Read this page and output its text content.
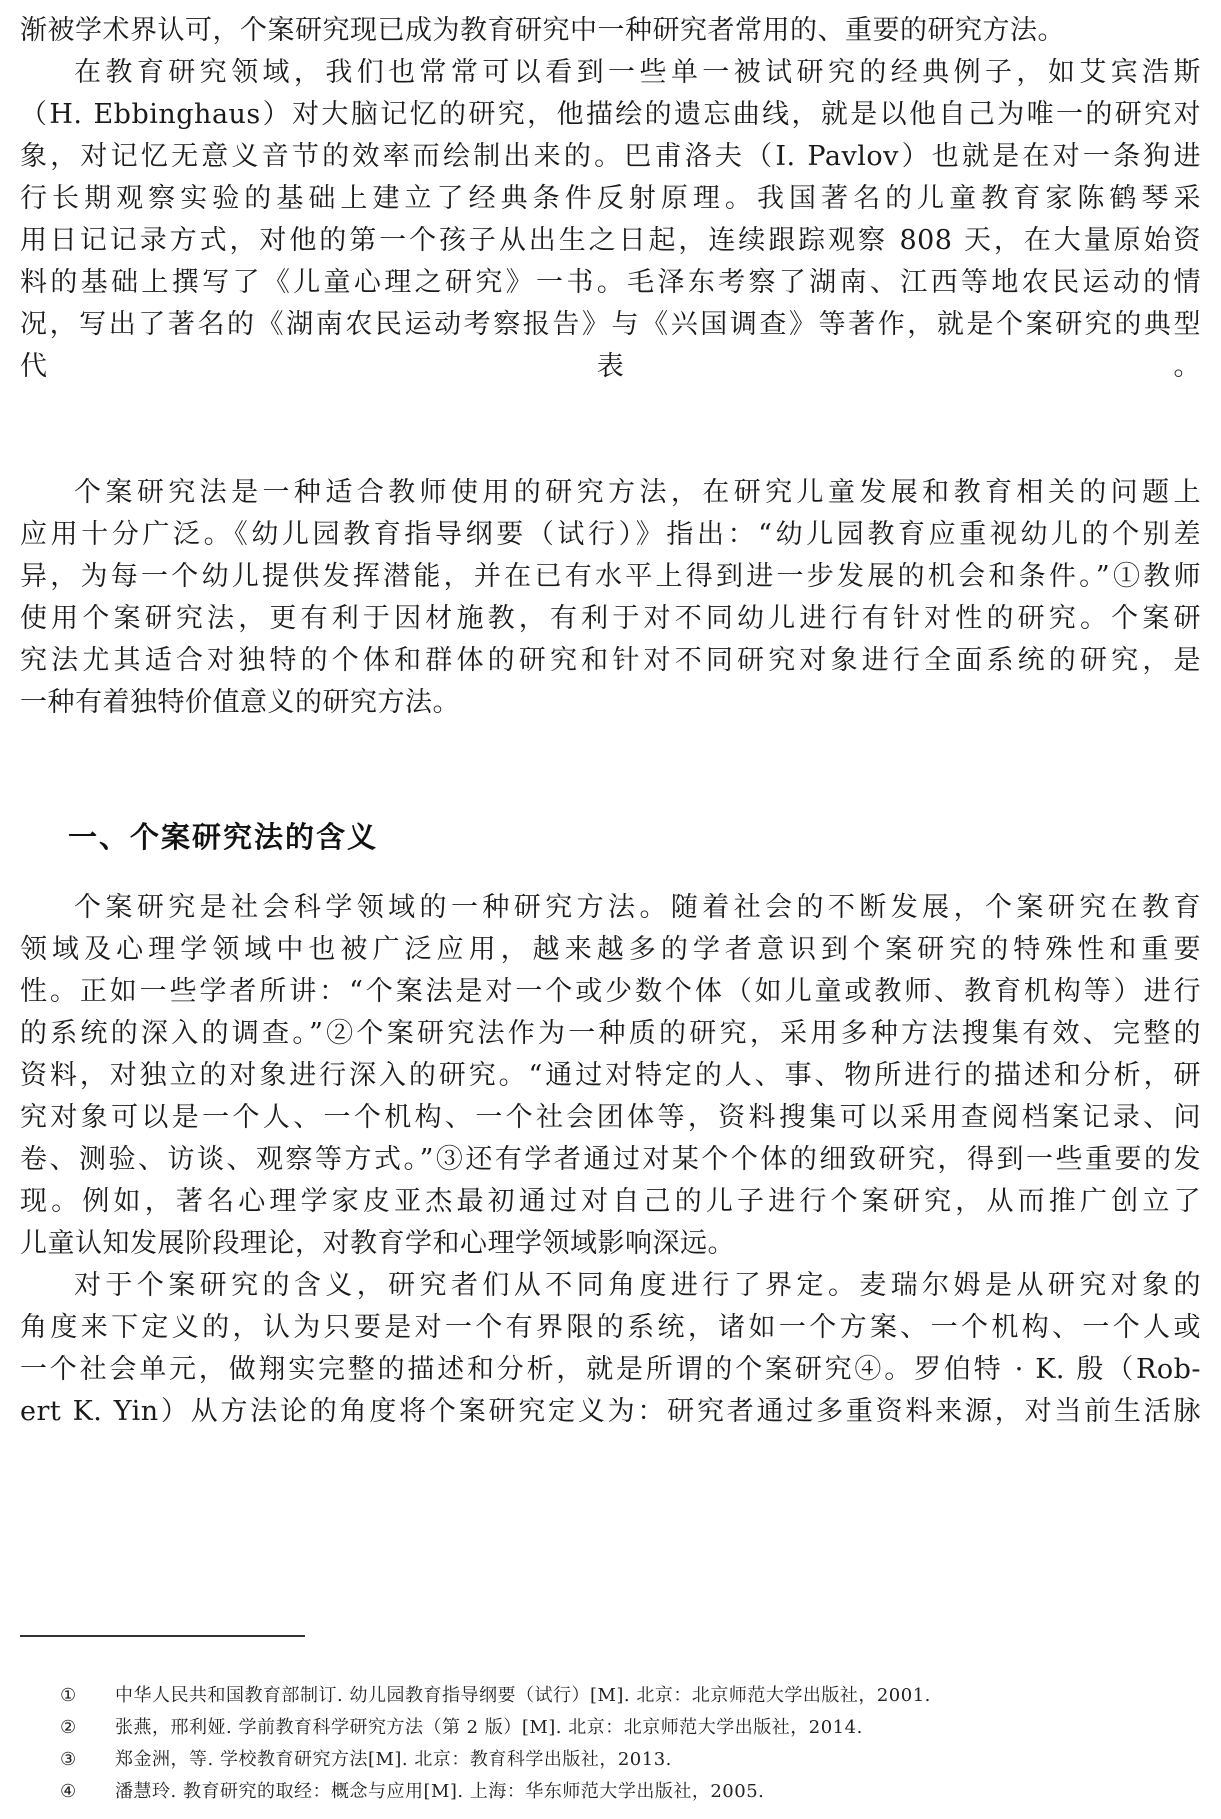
渐被学术界认可，个案研究现已成为教育研究中一种研究者常用的、重要的研究方法。
在教育研究领域，我们也常常可以看到一些单一被试研究的经典例子，如艾宾浩斯
（H. Ebbinghaus）对大脑记忆的研究，他描绘的遗忘曲线，就是以他自己为唯一的研究对
象，对记忆无意义音节的效率而绘制出来的。巴甫洛夫（I. Pavlov）也就是在对一条狗进
行长期观察实验的基础上建立了经典条件反射原理。我国著名的儿童教育家陈鹤琴采
用日记记录方式，对他的第一个孩子从出生之日起，连续跟踪观察 808 天，在大量原始资
料的基础上撰写了《儿童心理之研究》一书。毛泽东考察了湖南、江西等地农民运动的情
况，写出了著名的《湖南农民运动考察报告》与《兴国调查》等著作，就是个案研究的典型
代表。
个案研究法是一种适合教师使用的研究方法，在研究儿童发展和教育相关的问题上
应用十分广泛。《幼儿园教育指导纲要（试行）》指出：“幼儿园教育应重视幼儿的个别差
异，为每一个幼儿提供发挥潜能，并在已有水平上得到进一步发展的机会和条件。”①教师
使用个案研究法，更有利于因材施教，有利于对不同幼儿进行有针对性的研究。个案研
究法尤其适合对独特的个体和群体的研究和针对不同研究对象进行全面系统的研究，是
一种有着独特价值意义的研究方法。
一、个案研究法的含义
个案研究是社会科学领域的一种研究方法。随着社会的不断发展，个案研究在教育
领域及心理学领域中也被广泛应用，越来越多的学者意识到个案研究的特殊性和重要
性。正如一些学者所讲：“个案法是对一个或少数个体（如儿童或教师、教育机构等）进行
的系统的深入的调查。”②个案研究法作为一种质的研究，采用多种方法搜集有效、完整的
资料，对独立的对象进行深入的研究。“通过对特定的人、事、物所进行的描述和分析，研
究对象可以是一个人、一个机构、一个社会团体等，资料搜集可以采用查阅档案记录、问
卷、测验、访谈、观察等方式。”③还有学者通过对某个个体的细致研究，得到一些重要的发
现。例如，著名心理学家皮亚杰最初通过对自己的儿子进行个案研究，从而推广创立了
儿童认知发展阶段理论，对教育学和心理学领域影响深远。
对于个案研究的含义，研究者们从不同角度进行了界定。麦瑞尔姆是从研究对象的
角度来下定义的，认为只要是对一个有界限的系统，诸如一个方案、一个机构、一个人或
一个社会单元，做翔实完整的描述和分析，就是所谓的个案研究④。罗伯特 · K. 殷（Rob-
ert K. Yin）从方法论的角度将个案研究定义为：研究者通过多重资料来源，对当前生活脉
① 中华人民共和国教育部制订. 幼儿园教育指导纲要（试行）[M]. 北京：北京师范大学出版社，2001.
② 张燕，邢利娅. 学前教育科学研究方法（第 2 版）[M]. 北京：北京师范大学出版社，2014.
③ 郑金洲，等. 学校教育研究方法[M]. 北京：教育科学出版社，2013.
④ 潘慧玲. 教育研究的取经：概念与应用[M]. 上海：华东师范大学出版社，2005.
